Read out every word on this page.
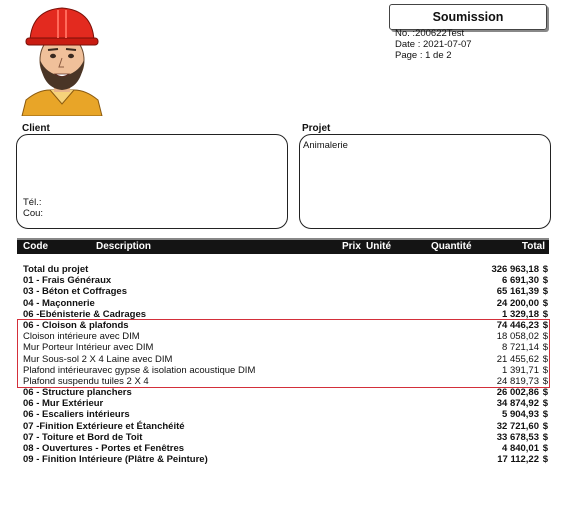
Soumission
No. :200622Test
Date : 2021-07-07
Page : 1 de 2
Client	Projet
Tél.:
Cou:
Animalerie
Code	Description	Prix Unité	Quantité	Total
Total du projet	326 963,18 $
01 - Frais Généraux	6 691,30 $
03 - Béton et Coffrages	65 161,39 $
04 - Maçonnerie	24 200,00 $
06 -Ebénisterie & Cadrages	1 329,18 $
06 - Cloison & plafonds	74 446,23 $
Cloison intérieure avec DIM	18 058,02 $
Mur Porteur Intérieur avec DIM	8 721,14 $
Mur Sous-sol 2 X 4 Laine avec DIM	21 455,62 $
Plafond intérieuravec gypse & isolation acoustique DIM	1 391,71 $
Plafond suspendu tuiles 2 X 4	24 819,73 $
06 - Structure planchers	26 002,86 $
06 - Mur Extérieur	34 874,92 $
06 - Escaliers intérieurs	5 904,93 $
07 -Finition Extérieure et Étanchéité	32 721,60 $
07 - Toiture et Bord de Toit	33 678,53 $
08 - Ouvertures - Portes et Fenêtres	4 840,01 $
09 - Finition Intérieure (Plâtre & Peinture)	17 112,22 $
